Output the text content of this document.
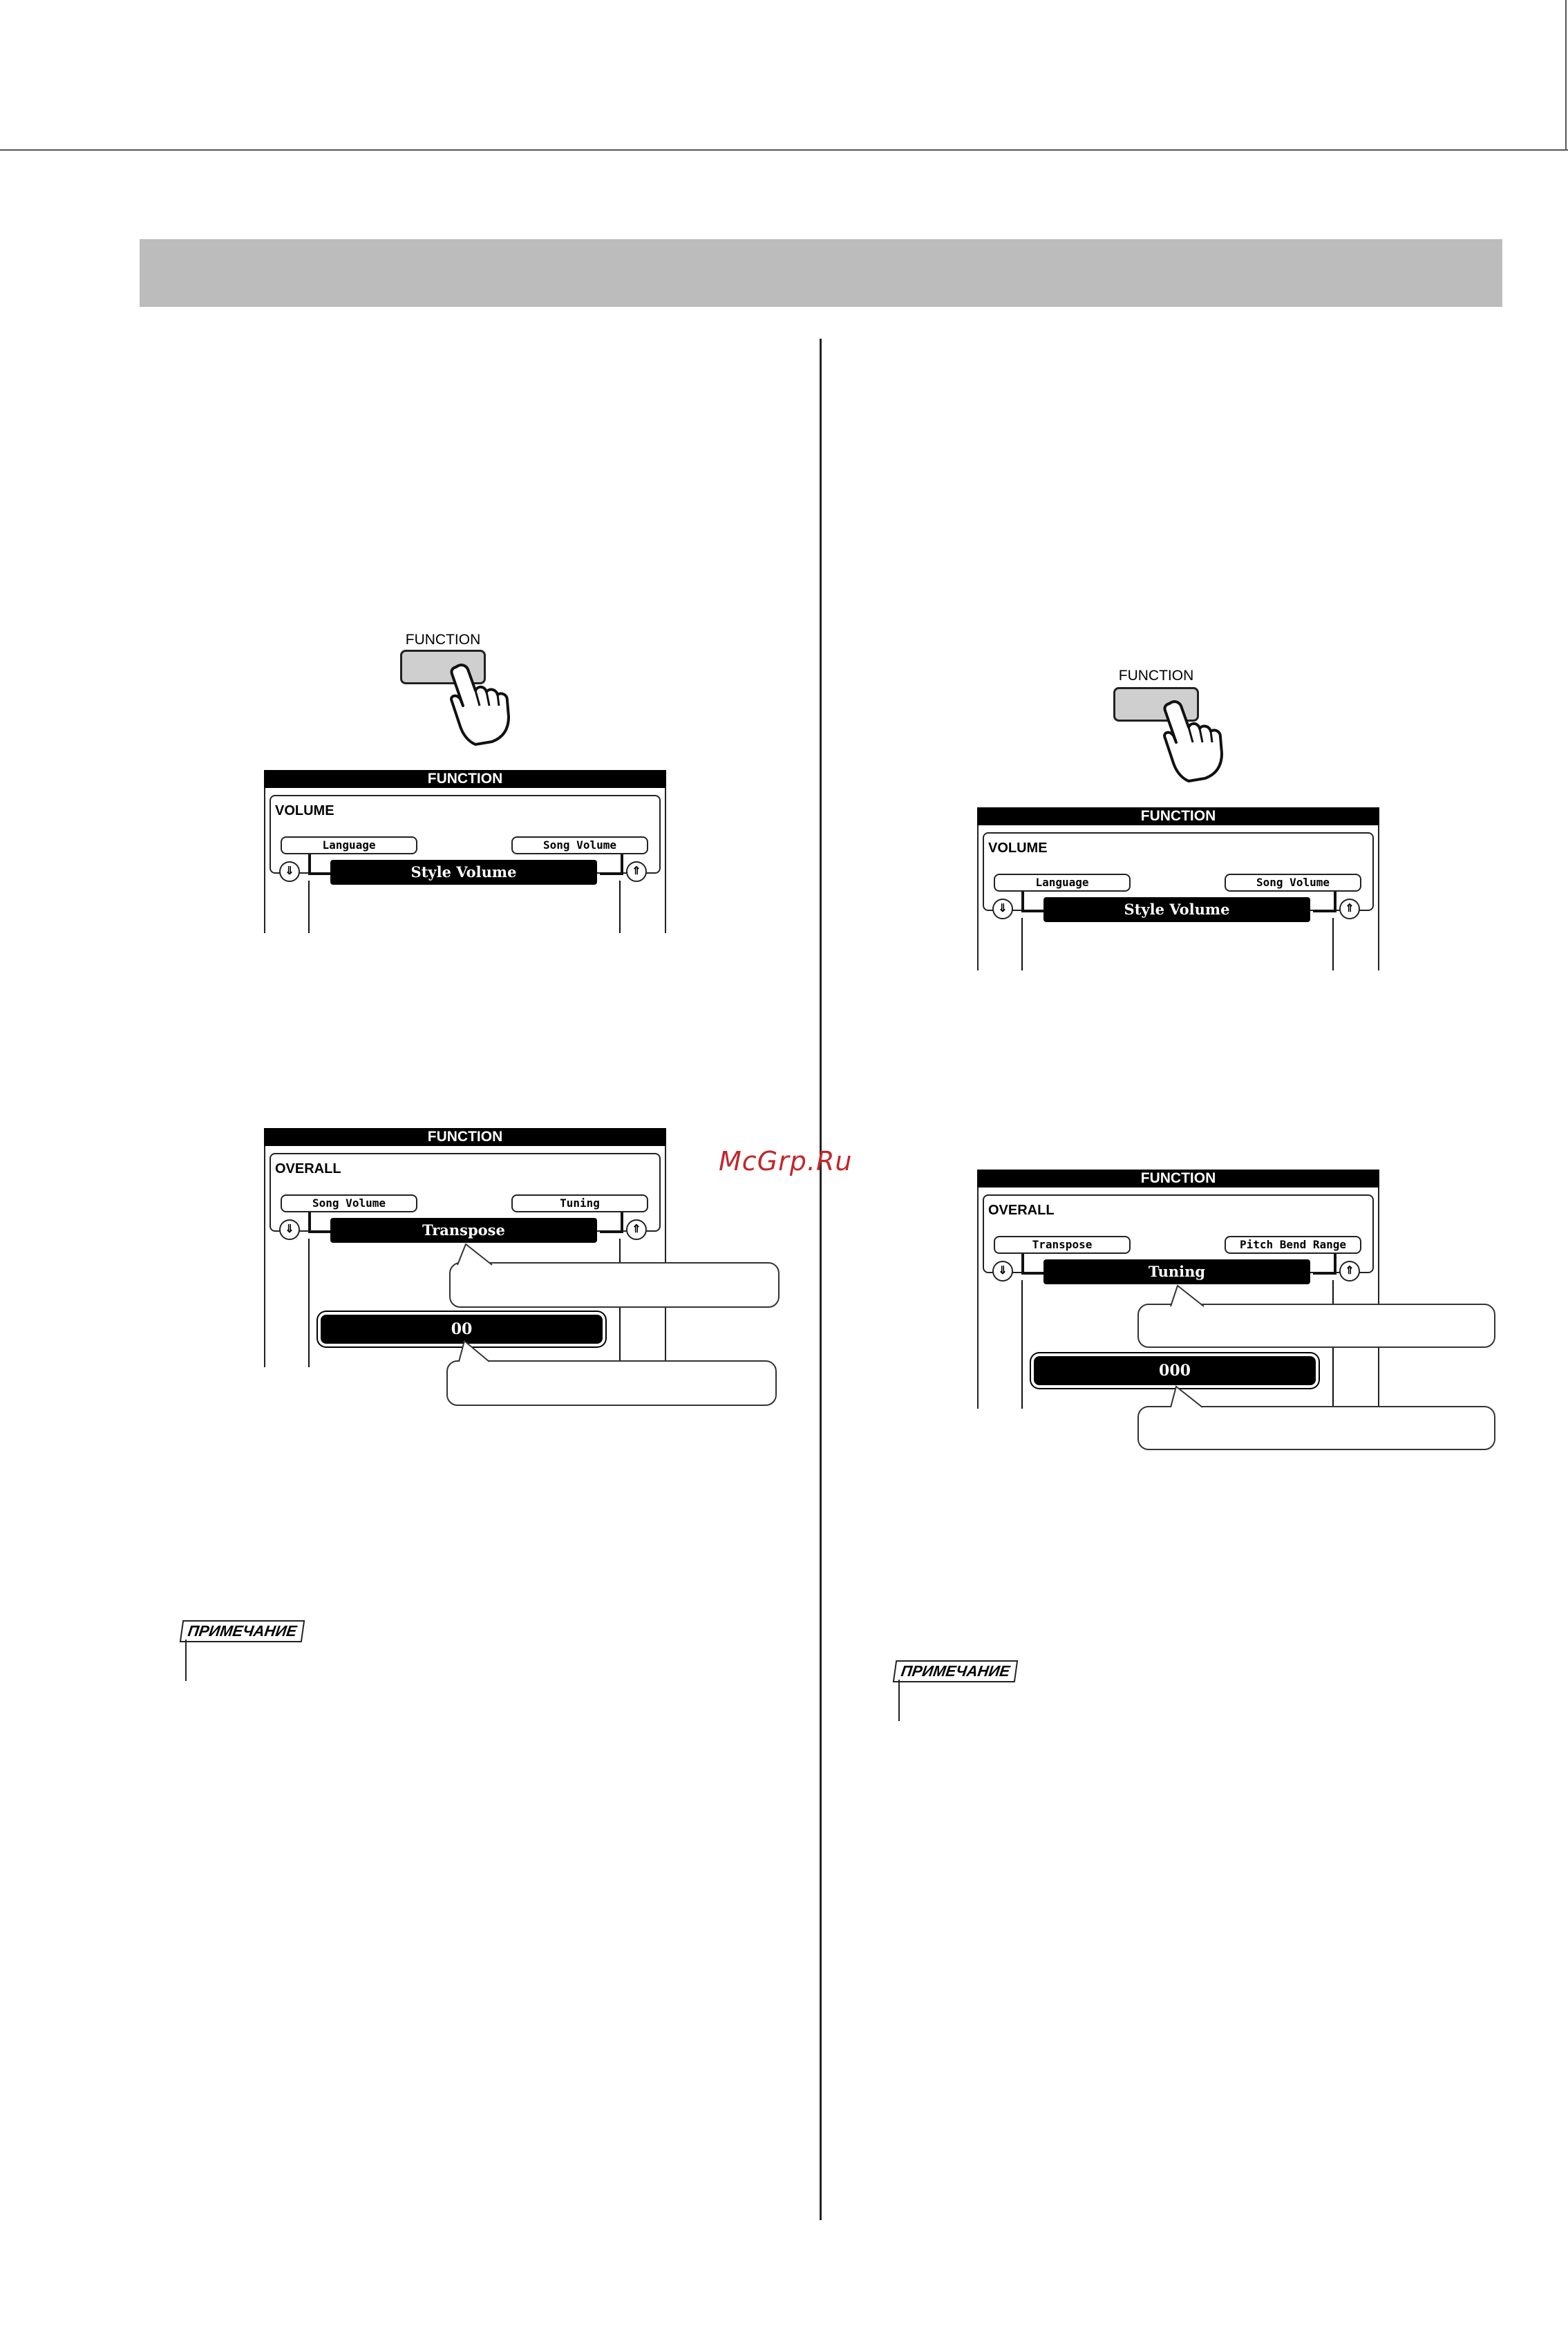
McGrp.Ru
FUNCTION
FUNCTION
VOLUME
Language	Song Volume
⇓	⇑
Style Volume
FUNCTION
OVERALL
Song Volume	Tuning
⇓	⇑
Transpose
00
ПРИМЕЧАНИЕ
FUNCTION
FUNCTION
VOLUME
Language	Song Volume
⇓	⇑
Style Volume
FUNCTION
OVERALL
Transpose	Pitch Bend Range
⇓	⇑
Tuning
000
ПРИМЕЧАНИЕ
